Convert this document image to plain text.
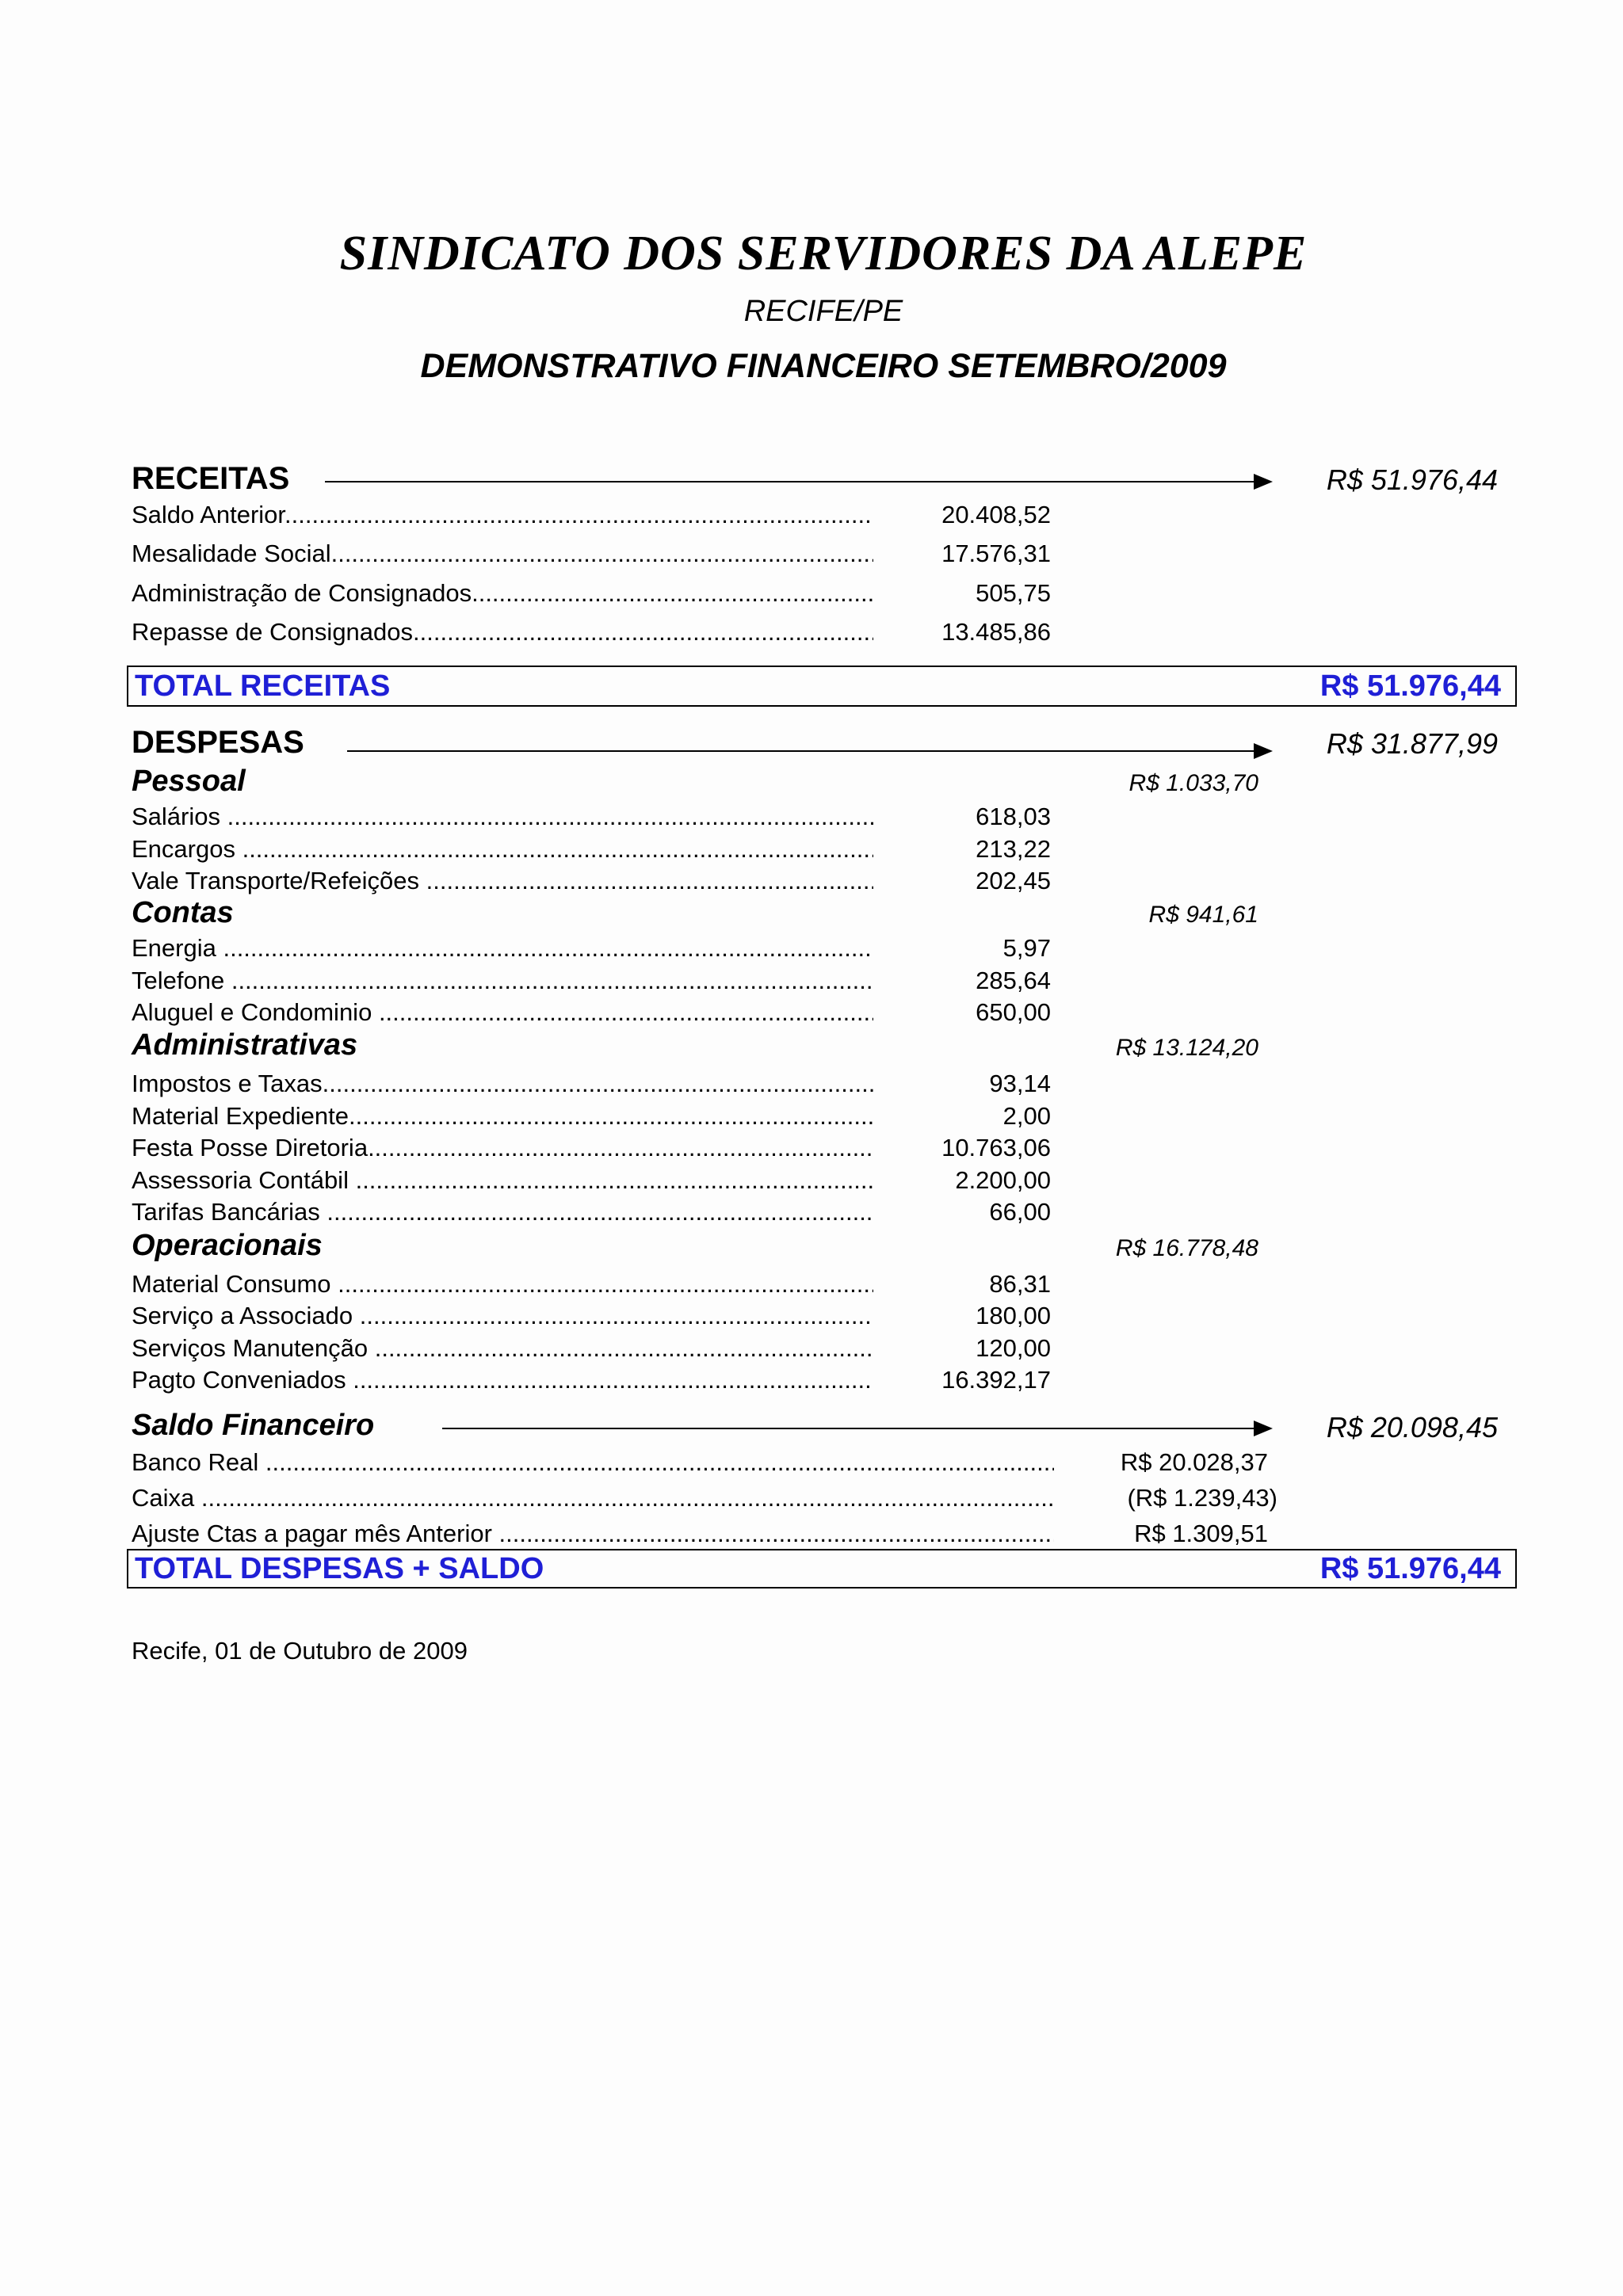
SINDICATO DOS SERVIDORES DA ALEPE
RECIFE/PE
DEMONSTRATIVO FINANCEIRO SETEMBRO/2009
RECEITAS	R$ 51.976,44
Saldo Anterior .....	20.408,52
Mesalidade Social .....	17.576,31
Administração de Consignados .....	505,75
Repasse de Consignados .....	13.485,86
TOTAL RECEITAS	R$ 51.976,44
DESPESAS	R$ 31.877,99
Pessoal	R$ 1.033,70
Salários .....	618,03
Encargos .....	213,22
Vale Transporte/Refeições .....	202,45
Contas	R$ 941,61
Energia .....	5,97
Telefone .....	285,64
Aluguel e Condominio .....	650,00
Administrativas	R$ 13.124,20
Impostos e Taxas .....	93,14
Material Expediente .....	2,00
Festa Posse Diretoria .....	10.763,06
Assessoria Contábil .....	2.200,00
Tarifas Bancárias .....	66,00
Operacionais	R$ 16.778,48
Material Consumo .....	86,31
Serviço a Associado .....	180,00
Serviços Manutenção .....	120,00
Pagto Conveniados .....	16.392,17
Saldo Financeiro	R$ 20.098,45
Banco Real .....	R$ 20.028,37
Caixa .....	(R$ 1.239,43)
Ajuste Ctas a pagar mês Anterior .....	R$ 1.309,51
TOTAL DESPESAS + SALDO	R$ 51.976,44
Recife, 01 de Outubro de 2009
